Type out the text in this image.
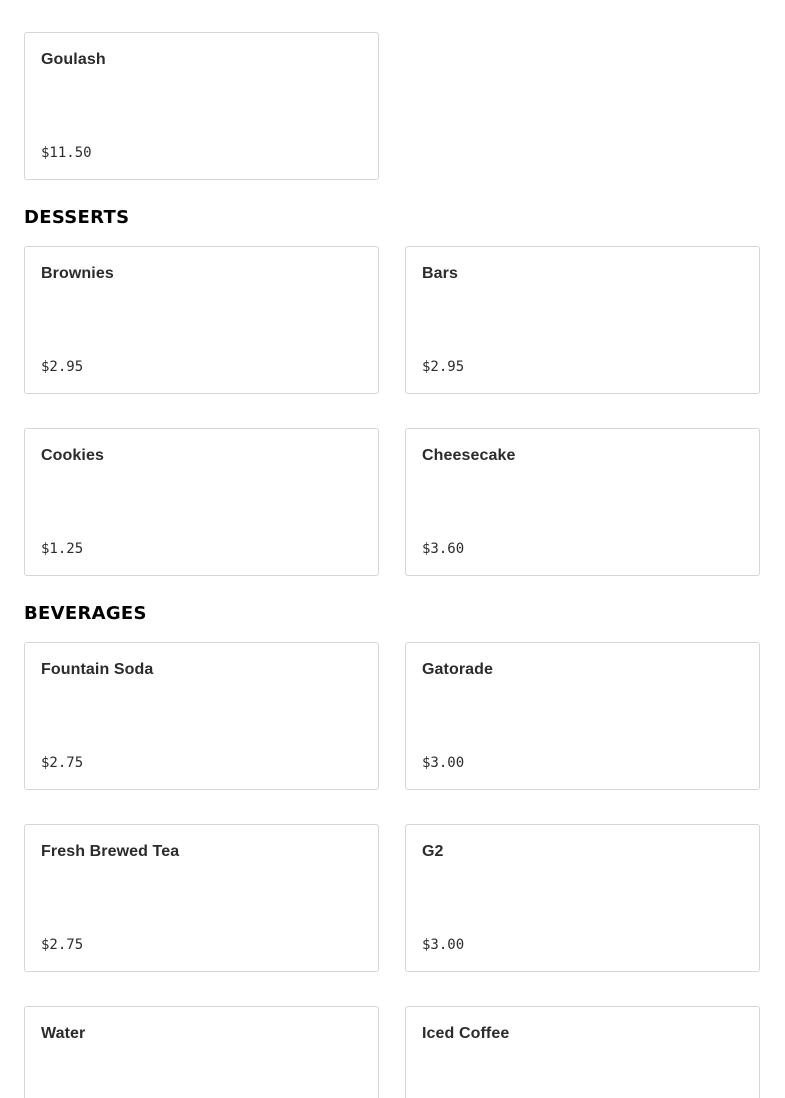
Goulash
$11.50
DESSERTS
Brownies
$2.95
Bars
$2.95
Cookies
$1.25
Cheesecake
$3.60
BEVERAGES
Fountain Soda
$2.75
Gatorade
$3.00
Fresh Brewed Tea
$2.75
G2
$3.00
Water	Iced Coffee
